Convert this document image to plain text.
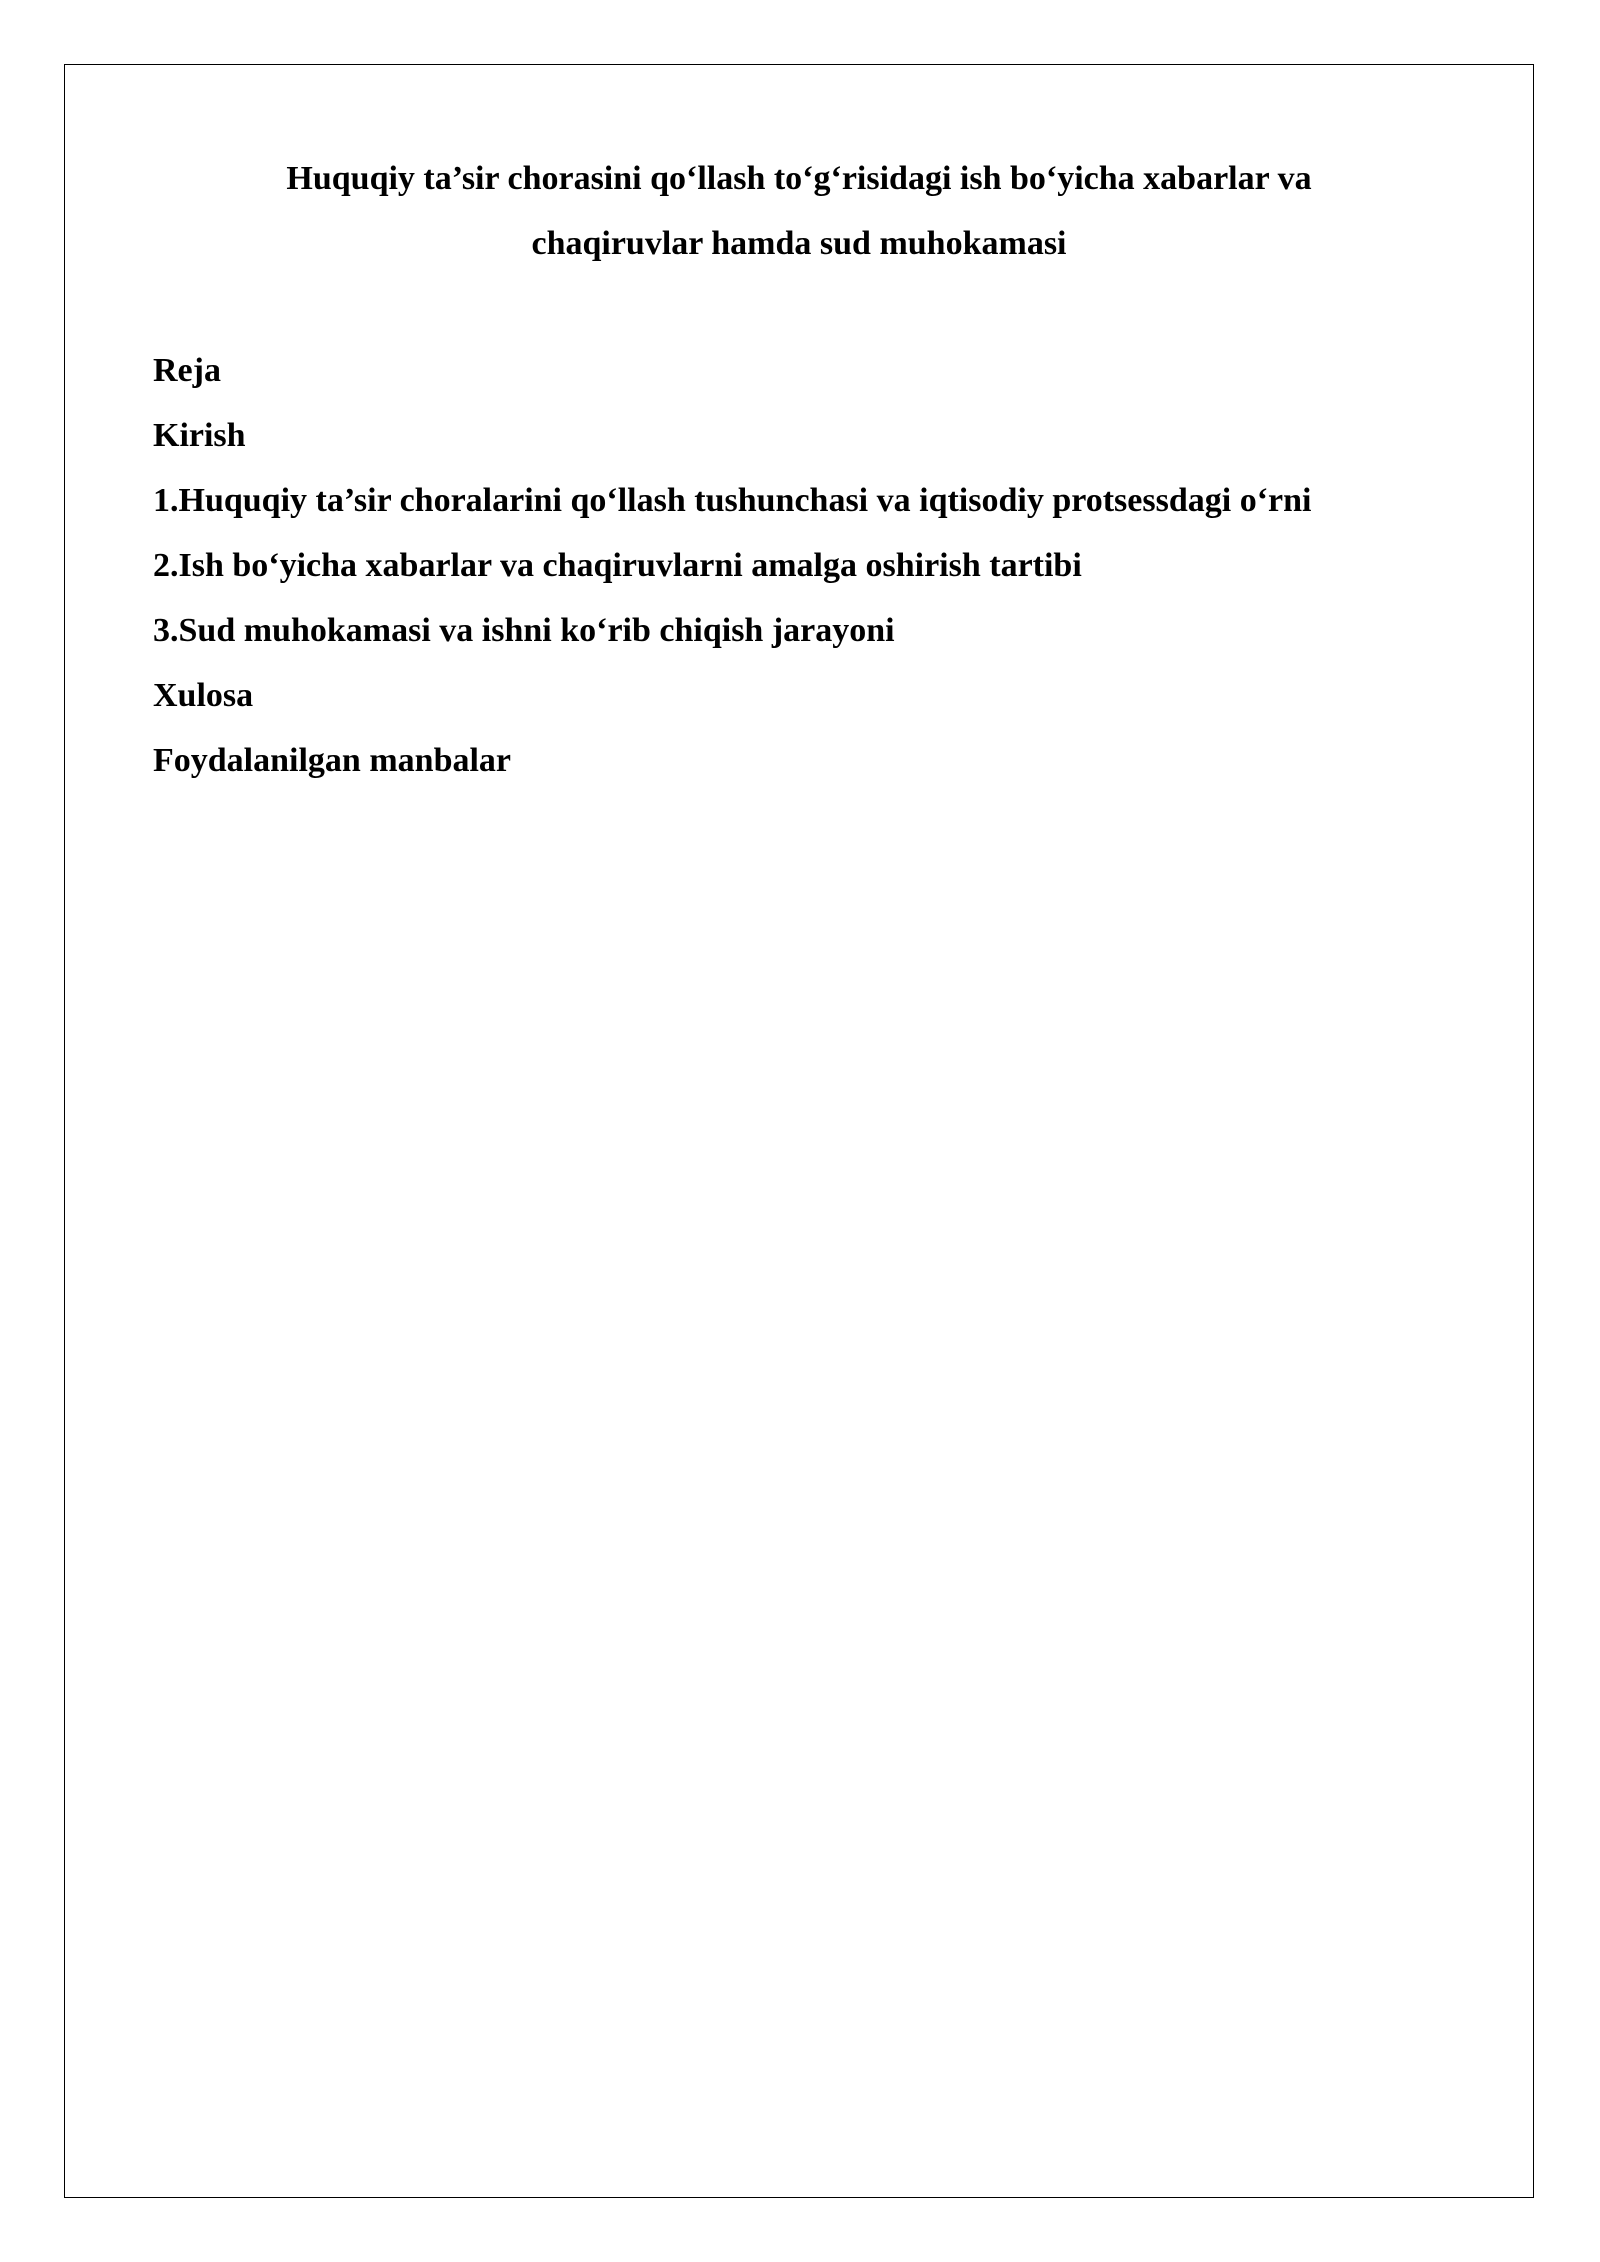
Huquqiy ta’sir chorasini qo‘llash to‘g‘risidagi ish bo‘yicha xabarlar va
chaqiruvlar hamda sud muhokamasi
Reja
Kirish
1.Huquqiy ta’sir choralarini qo‘llash tushunchasi va iqtisodiy protsessdagi o‘rni
2.Ish bo‘yicha xabarlar va chaqiruvlarni amalga oshirish tartibi
3.Sud muhokamasi va ishni ko‘rib chiqish jarayoni
Xulosa
Foydalanilgan manbalar
